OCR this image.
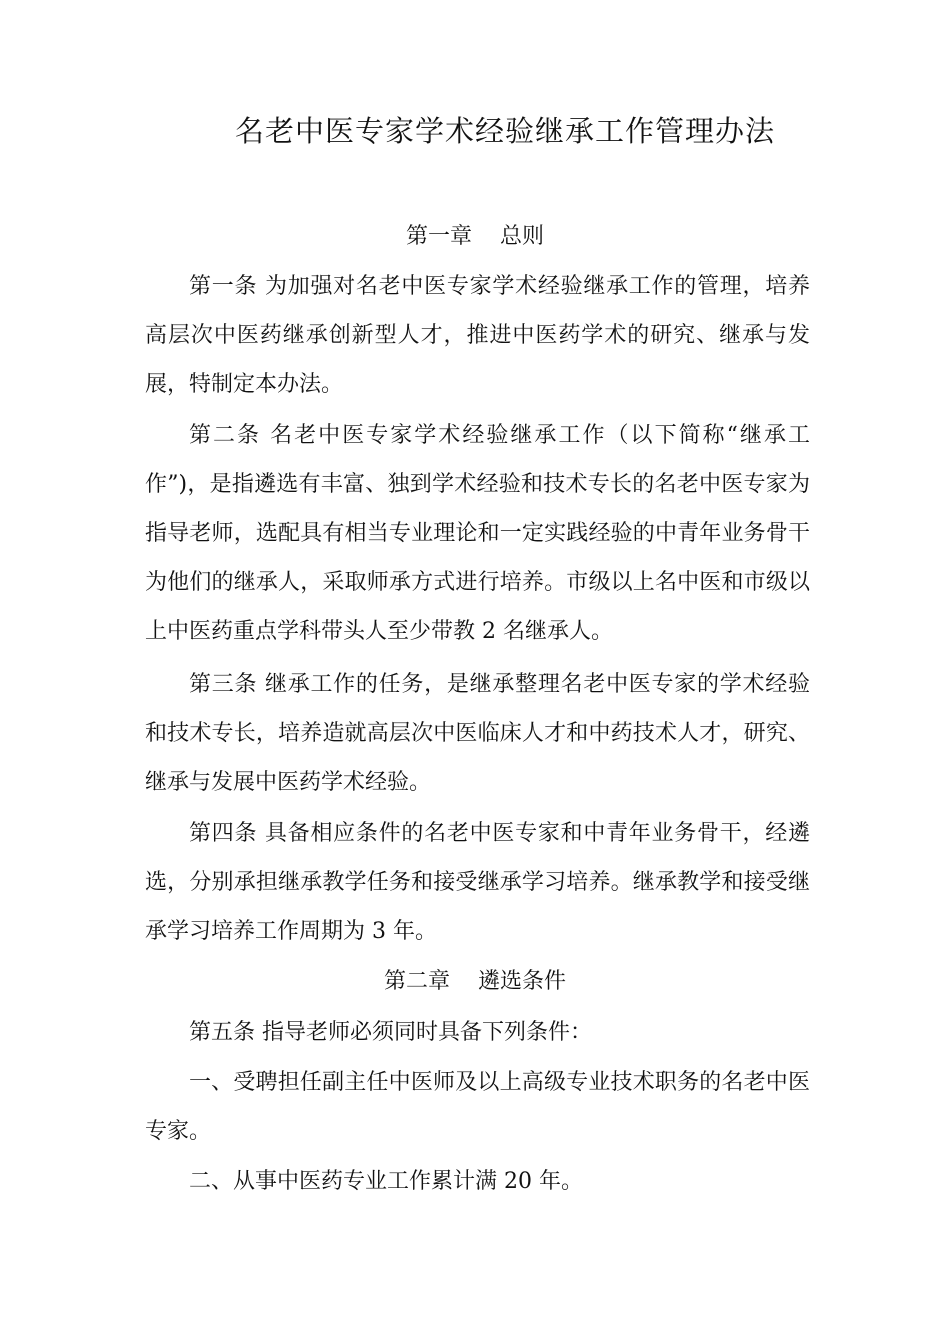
名老中医专家学术经验继承工作管理办法
第一章    总则

第一条 为加强对名老中医专家学术经验继承工作的管理，培养高层次中医药继承创新型人才，推进中医药学术的研究、继承与发展，特制定本办法。

第二条 名老中医专家学术经验继承工作（以下简称“继承工作”)，是指遴选有丰富、独到学术经验和技术专长的名老中医专家为指导老师，选配具有相当专业理论和一定实践经验的中青年业务骨干为他们的继承人，采取师承方式进行培养。市级以上名中医和市级以上中医药重点学科带头人至少带教 2 名继承人。

第三条 继承工作的任务，是继承整理名老中医专家的学术经验和技术专长，培养造就高层次中医临床人才和中药技术人才，研究、继承与发展中医药学术经验。

第四条 具备相应条件的名老中医专家和中青年业务骨干，经遴选，分别承担继承教学任务和接受继承学习培养。继承教学和接受继承学习培养工作周期为 3 年。

第二章    遴选条件

第五条 指导老师必须同时具备下列条件：

一、受聘担任副主任中医师及以上高级专业技术职务的名老中医专家。

二、从事中医药专业工作累计满 20 年。
